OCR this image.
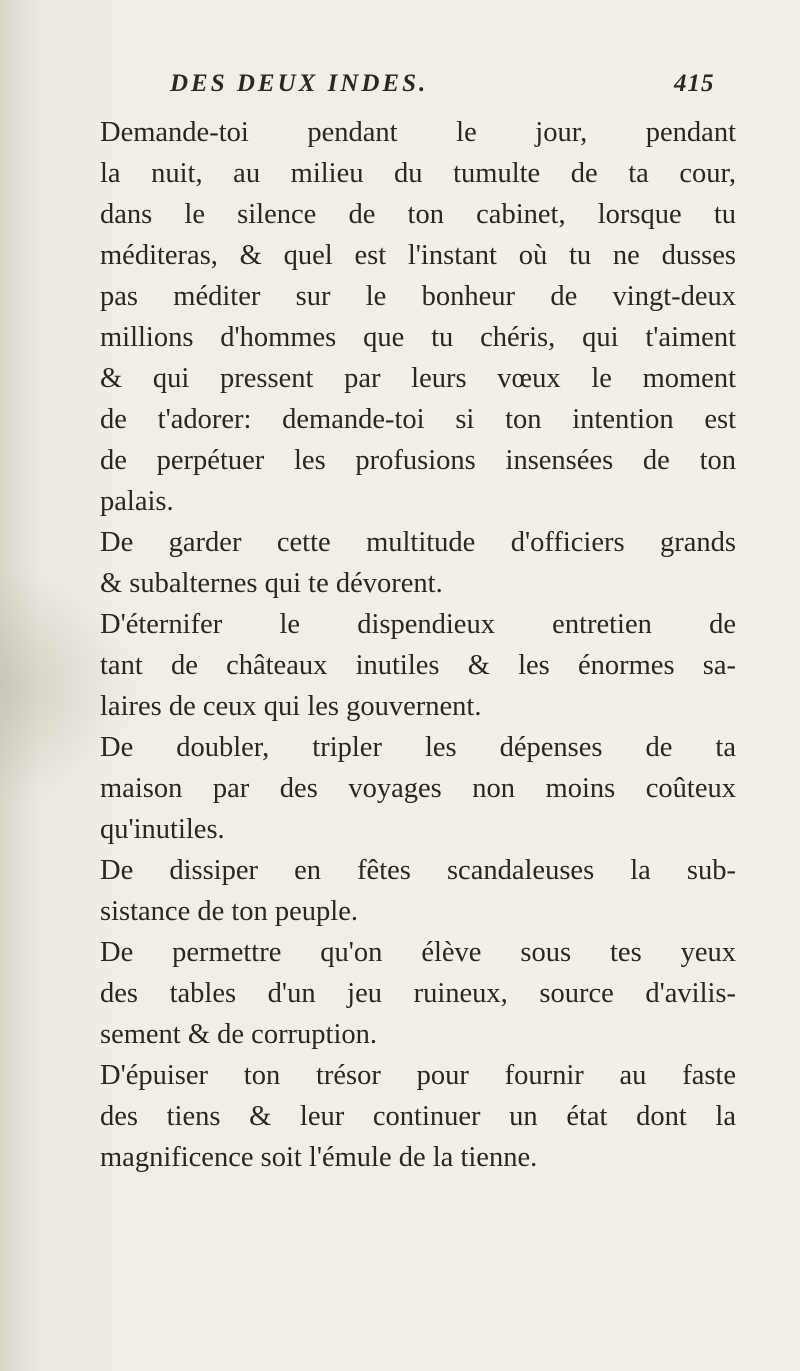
DES DEUX INDES.	415

Demande-toi pendant le jour, pendant
la nuit, au milieu du tumulte de ta cour,
dans le silence de ton cabinet, lorsque tu
méditeras, & quel est l'instant où tu ne dusses
pas méditer sur le bonheur de vingt-deux
millions d'hommes que tu chéris, qui t'aiment
& qui pressent par leurs vœux le moment
de t'adorer: demande-toi si ton intention est
de perpétuer les profusions insensées de ton
palais.

De garder cette multitude d'officiers grands
& subalternes qui te dévorent.

D'éternifer le dispendieux entretien de
tant de châteaux inutiles & les énormes sa-
laires de ceux qui les gouvernent.

De doubler, tripler les dépenses de ta
maison par des voyages non moins coûteux
qu'inutiles.

De dissiper en fêtes scandaleuses la sub-
sistance de ton peuple.

De permettre qu'on élève sous tes yeux
des tables d'un jeu ruineux, source d'avilis-
sement & de corruption.

D'épuiser ton trésor pour fournir au faste
des tiens & leur continuer un état dont la
magnificence soit l'émule de la tienne.
